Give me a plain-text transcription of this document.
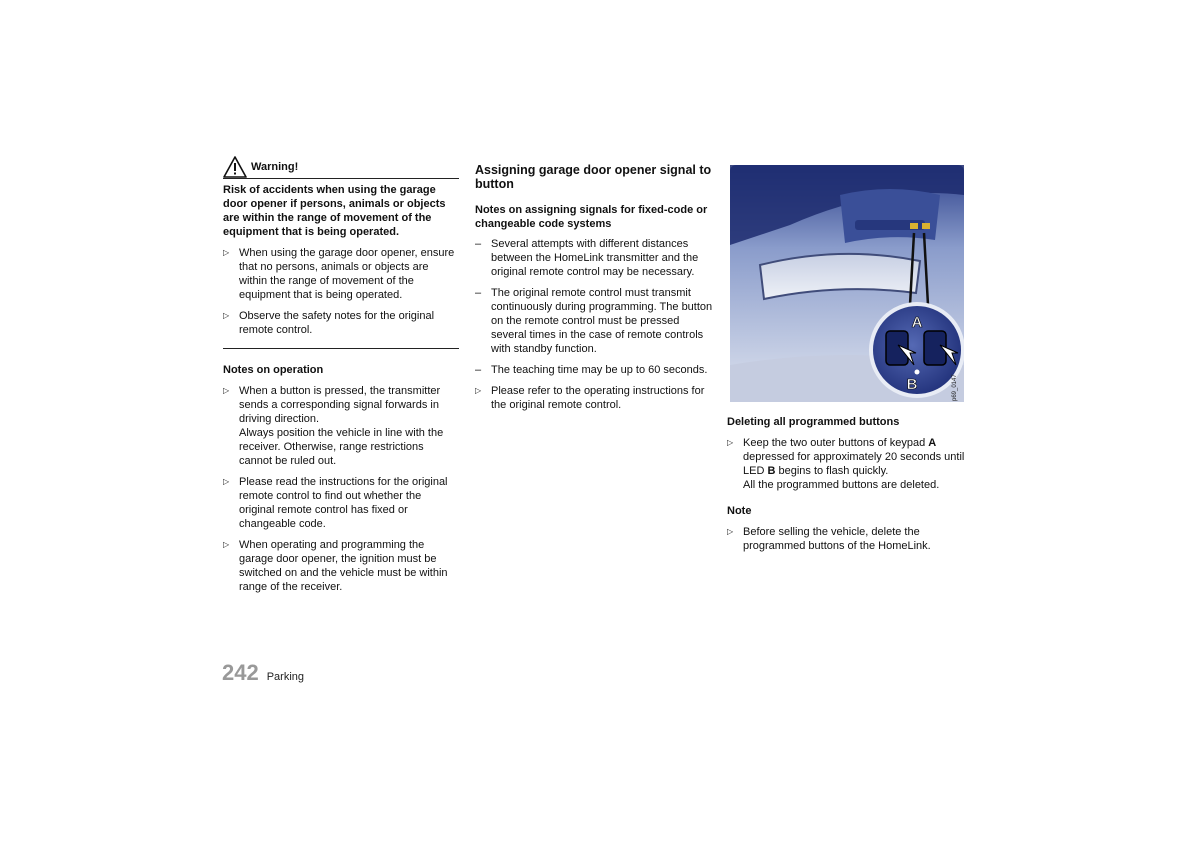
Warning!
Risk of accidents when using the garage door opener if persons, animals or objects are within the range of movement of the equipment that is being operated.
▷ When using the garage door opener, ensure that no persons, animals or objects are within the range of movement of the equipment that is being operated.
▷ Observe the safety notes for the original remote control.
Notes on operation
▷ When a button is pressed, the transmitter sends a corresponding signal forwards in driving direction.
Always position the vehicle in line with the receiver. Otherwise, range restrictions cannot be ruled out.
▷ Please read the instructions for the original remote control to find out whether the original remote control has fixed or changeable code.
▷ When operating and programming the garage door opener, the ignition must be switched on and the vehicle must be within range of the receiver.
Assigning garage door opener signal to button
Notes on assigning signals for fixed-code or changeable code systems
– Several attempts with different distances between the HomeLink transmitter and the original remote control may be necessary.
– The original remote control must transmit continuously during programming. The button on the remote control must be pressed several times in the case of remote controls with standby function.
– The teaching time may be up to 60 seconds.
▷ Please refer to the operating instructions for the original remote control.
A
B	p69_0147
Deleting all programmed buttons
▷ Keep the two outer buttons of keypad A depressed for approximately 20 seconds until LED B begins to flash quickly.
All the programmed buttons are deleted.
Note
▷ Before selling the vehicle, delete the programmed buttons of the HomeLink.
242 Parking
